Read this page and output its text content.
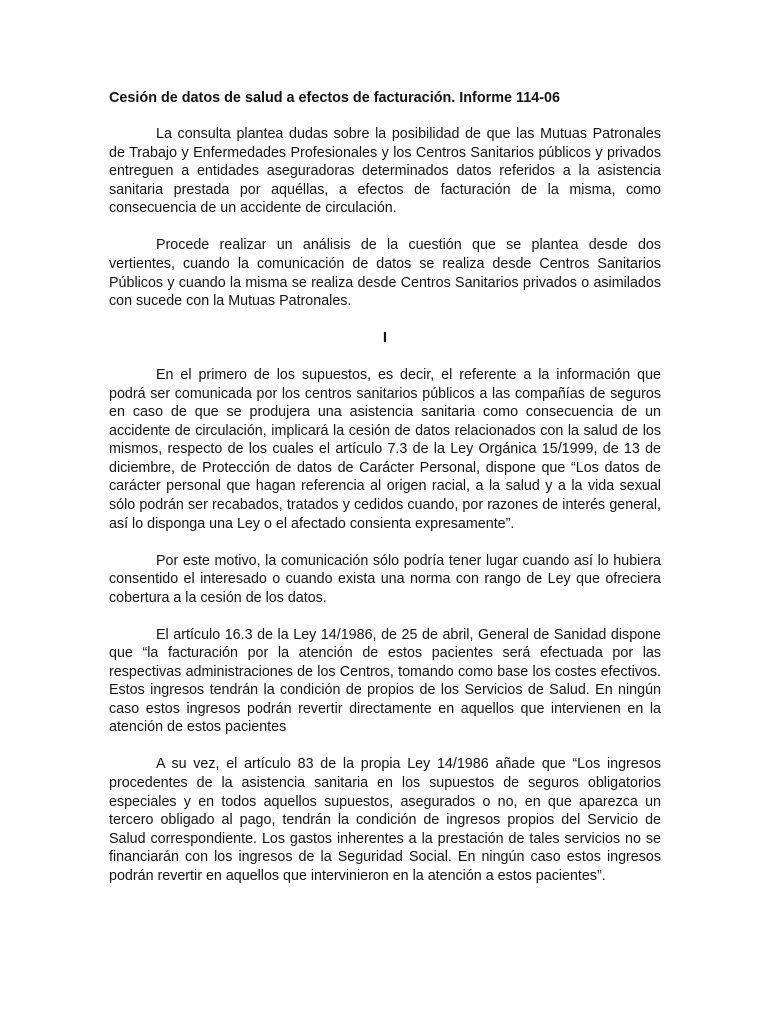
Cesión de datos de salud a efectos de facturación. Informe 114-06

La consulta plantea dudas sobre la posibilidad de que las Mutuas Patronales de Trabajo y Enfermedades Profesionales y los Centros Sanitarios públicos y privados entreguen a entidades aseguradoras determinados datos referidos a la asistencia sanitaria prestada por aquéllas, a efectos de facturación de la misma, como consecuencia de un accidente de circulación.

Procede realizar un análisis de la cuestión que se plantea desde dos vertientes, cuando la comunicación de datos se realiza desde Centros Sanitarios Públicos y cuando la misma se realiza desde Centros Sanitarios privados o asimilados con sucede con la Mutuas Patronales.

I

En el primero de los supuestos, es decir, el referente a la información que podrá ser comunicada por los centros sanitarios públicos a las compañías de seguros en caso de que se produjera una asistencia sanitaria como consecuencia de un accidente de circulación, implicará la cesión de datos relacionados con la salud de los mismos, respecto de los cuales el artículo 7.3 de la Ley Orgánica 15/1999, de 13 de diciembre, de Protección de datos de Carácter Personal, dispone que “Los datos de carácter personal que hagan referencia al origen racial, a la salud y a la vida sexual sólo podrán ser recabados, tratados y cedidos cuando, por razones de interés general, así lo disponga una Ley o el afectado consienta expresamente”.

Por este motivo, la comunicación sólo podría tener lugar cuando así lo hubiera consentido el interesado o cuando exista una norma con rango de Ley que ofreciera cobertura a la cesión de los datos.

El artículo 16.3 de la Ley 14/1986, de 25 de abril, General de Sanidad dispone que “la facturación por la atención de estos pacientes será efectuada por las respectivas administraciones de los Centros, tomando como base los costes efectivos. Estos ingresos tendrán la condición de propios de los Servicios de Salud. En ningún caso estos ingresos podrán revertir directamente en aquellos que intervienen en la atención de estos pacientes

A su vez, el artículo 83 de la propia Ley 14/1986 añade que “Los ingresos procedentes de la asistencia sanitaria en los supuestos de seguros obligatorios especiales y en todos aquellos supuestos, asegurados o no, en que aparezca un tercero obligado al pago, tendrán la condición de ingresos propios del Servicio de Salud correspondiente. Los gastos inherentes a la prestación de tales servicios no se financiarán con los ingresos de la Seguridad Social. En ningún caso estos ingresos podrán revertir en aquellos que intervinieron en la atención a estos pacientes”.
